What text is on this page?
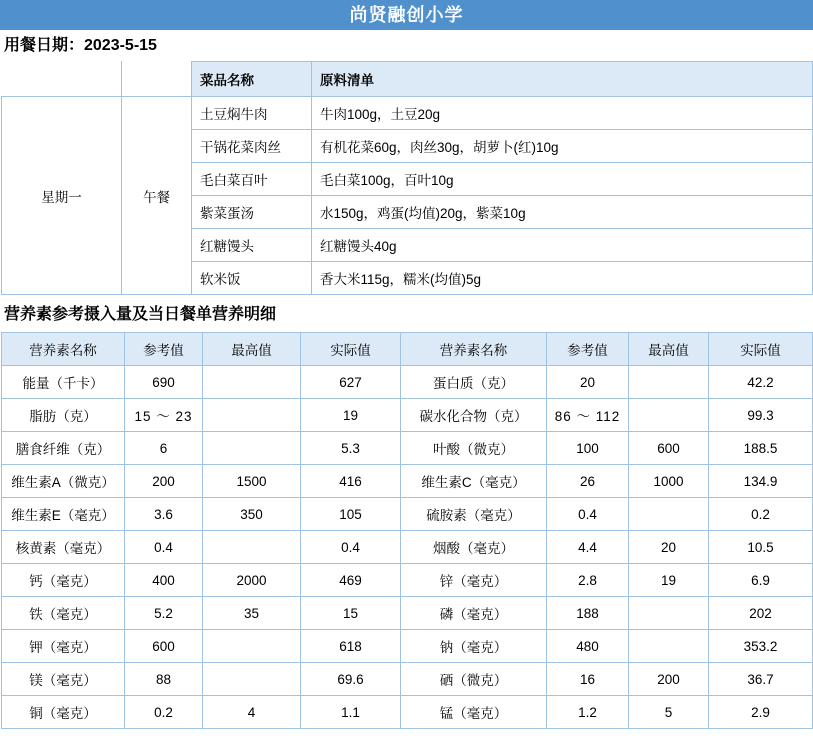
尚贤融创小学
用餐日期：2023-5-15
		菜品名称	原料清单
星期一	午餐	土豆焖牛肉	牛肉100g，土豆20g
		干锅花菜肉丝	有机花菜60g，肉丝30g，胡萝卜(红)10g
		毛白菜百叶	毛白菜100g，百叶10g
		紫菜蛋汤	水150g，鸡蛋(均值)20g，紫菜10g
		红糖馒头	红糖馒头40g
		软米饭	香大米115g，糯米(均值)5g
营养素参考摄入量及当日餐单营养明细
营养素名称	参考值	最高值	实际值	营养素名称	参考值	最高值	实际值
能量（千卡）	690		627	蛋白质（克）	20		42.2
脂肪（克）	15 ～ 23		19	碳水化合物（克）	86 ～ 112		99.3
膳食纤维（克）	6		5.3	叶酸（微克）	100	600	188.5
维生素A（微克）	200	1500	416	维生素C（毫克）	26	1000	134.9
维生素E（毫克）	3.6	350	105	硫胺素（毫克）	0.4		0.2
核黄素（毫克）	0.4		0.4	烟酸（毫克）	4.4	20	10.5
钙（毫克）	400	2000	469	锌（毫克）	2.8	19	6.9
铁（毫克）	5.2	35	15	磷（毫克）	188		202
钾（毫克）	600		618	钠（毫克）	480		353.2
镁（毫克）	88		69.6	硒（微克）	16	200	36.7
铜（毫克）	0.2	4	1.1	锰（毫克）	1.2	5	2.9
